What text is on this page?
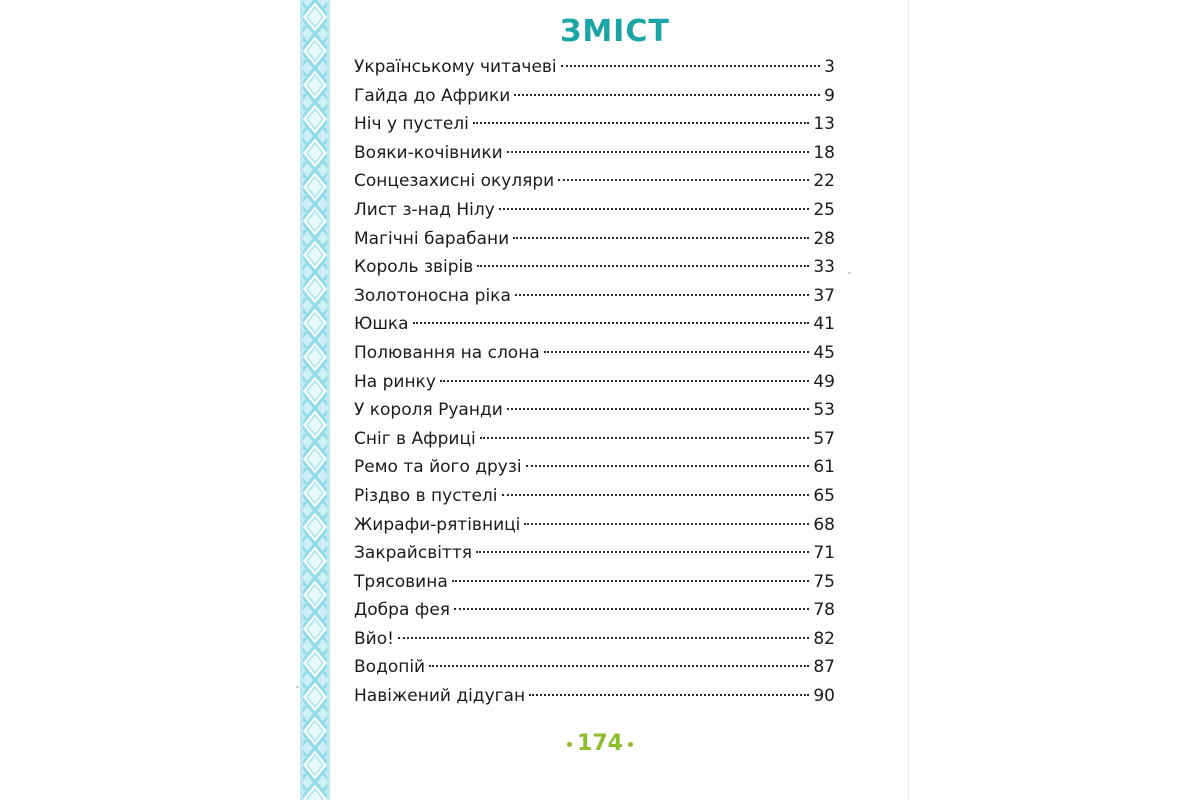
ЗМІСТ
Українському читачеві	3
Гайда до Африки	9
Ніч у пустелі	13
Вояки-кочівники	18
Сонцезахисні окуляри	22
Лист з-над Нілу	25
Магічні барабани	28
Король звірів	33
Золотоносна ріка	37
Юшка	41
Полювання на слона	45
На ринку	49
У короля Руанди	53
Сніг в Африці	57
Ремо та його друзі	61
Різдво в пустелі	65
Жирафи-рятівниці	68
Закрайсвіття	71
Трясовина	75
Добра фея	78
Вйо!	82
Водопій	87
Навіжений дідуган	90
174
